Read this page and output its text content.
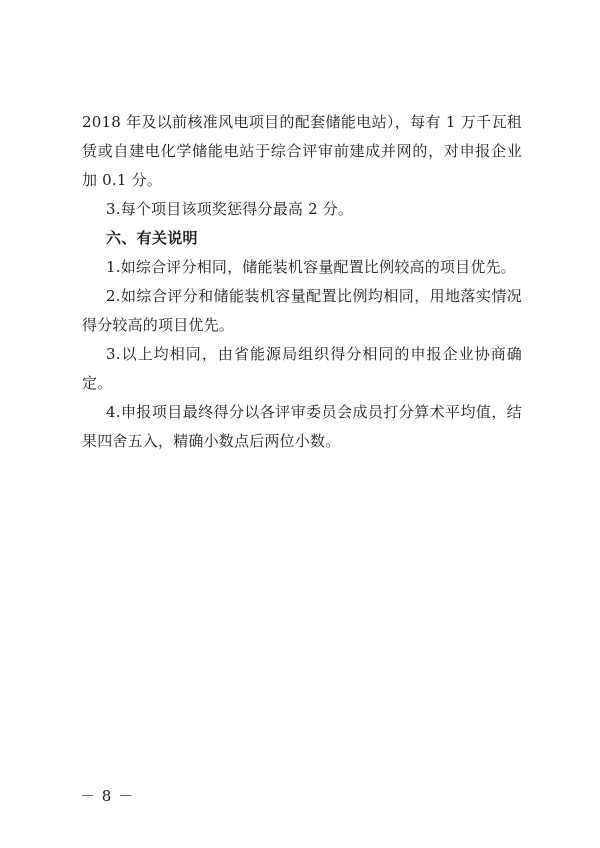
2018 年及以前核准风电项目的配套储能电站），每有 1 万千瓦租赁或自建电化学储能电站于综合评审前建成并网的，对申报企业加 0.1 分。

3.每个项目该项奖惩得分最高 2 分。

六、有关说明

1.如综合评分相同，储能装机容量配置比例较高的项目优先。

2.如综合评分和储能装机容量配置比例均相同，用地落实情况得分较高的项目优先。

3.以上均相同，由省能源局组织得分相同的申报企业协商确定。

4.申报项目最终得分以各评审委员会成员打分算术平均值，结果四舍五入，精确小数点后两位小数。

－ 8 －
